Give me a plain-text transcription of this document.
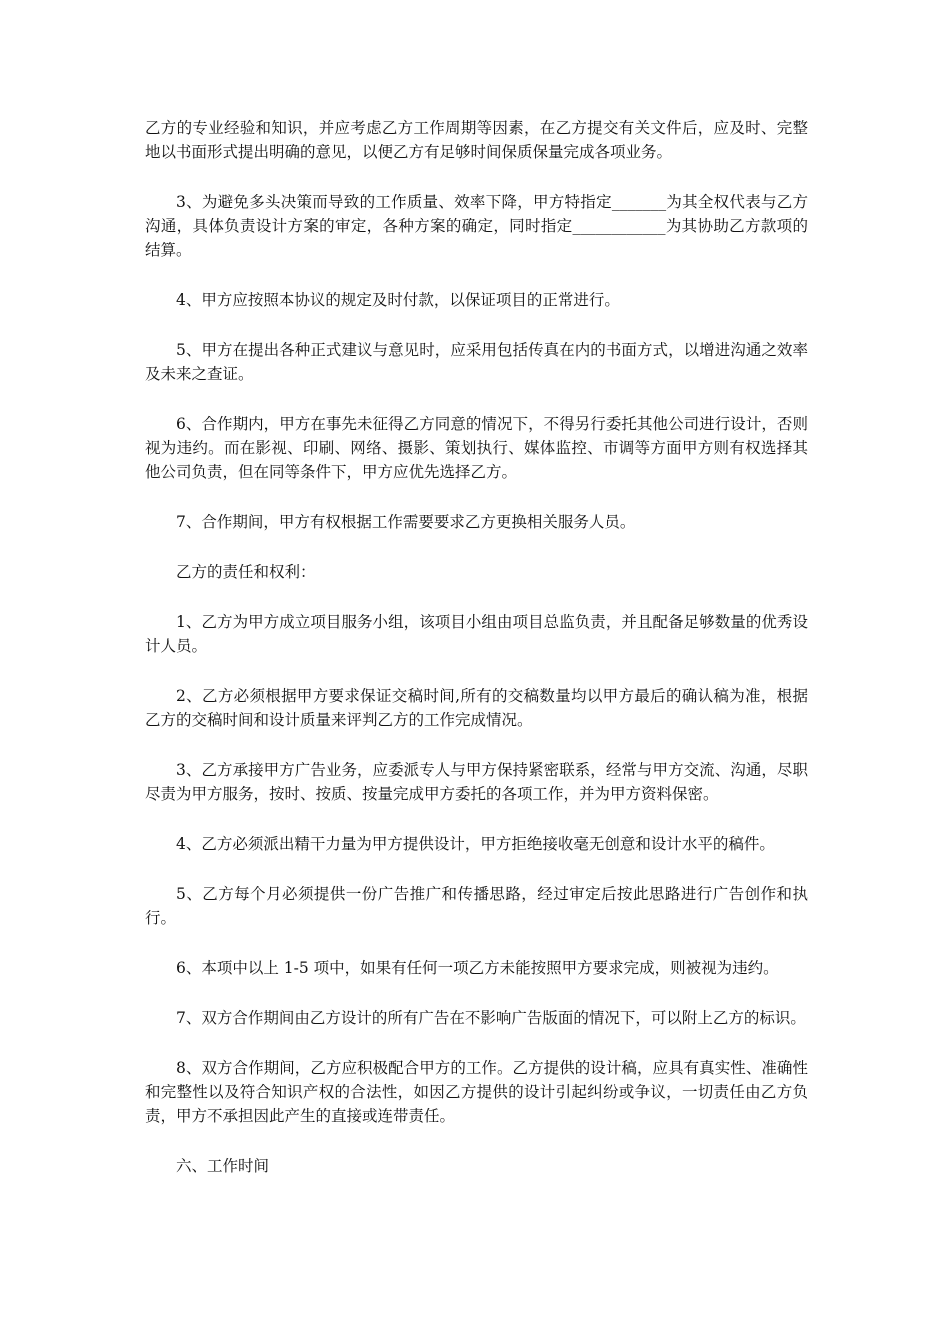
乙方的专业经验和知识，并应考虑乙方工作周期等因素，在乙方提交有关文件后，应及时、完整地以书面形式提出明确的意见，以便乙方有足够时间保质保量完成各项业务。

3、为避免多头决策而导致的工作质量、效率下降，甲方特指定_______为其全权代表与乙方沟通，具体负责设计方案的审定，各种方案的确定，同时指定____________为其协助乙方款项的结算。

4、甲方应按照本协议的规定及时付款，以保证项目的正常进行。

5、甲方在提出各种正式建议与意见时，应采用包括传真在内的书面方式，以增进沟通之效率及未来之查证。

6、合作期内，甲方在事先未征得乙方同意的情况下，不得另行委托其他公司进行设计，否则视为违约。而在影视、印刷、网络、摄影、策划执行、媒体监控、市调等方面甲方则有权选择其他公司负责，但在同等条件下，甲方应优先选择乙方。

7、合作期间，甲方有权根据工作需要要求乙方更换相关服务人员。

乙方的责任和权利：

1、乙方为甲方成立项目服务小组，该项目小组由项目总监负责，并且配备足够数量的优秀设计人员。

2、乙方必须根据甲方要求保证交稿时间,所有的交稿数量均以甲方最后的确认稿为准，根据乙方的交稿时间和设计质量来评判乙方的工作完成情况。

3、乙方承接甲方广告业务，应委派专人与甲方保持紧密联系，经常与甲方交流、沟通，尽职尽责为甲方服务，按时、按质、按量完成甲方委托的各项工作，并为甲方资料保密。

4、乙方必须派出精干力量为甲方提供设计，甲方拒绝接收毫无创意和设计水平的稿件。

5、乙方每个月必须提供一份广告推广和传播思路，经过审定后按此思路进行广告创作和执行。

6、本项中以上 1-5 项中，如果有任何一项乙方未能按照甲方要求完成，则被视为违约。

7、双方合作期间由乙方设计的所有广告在不影响广告版面的情况下，可以附上乙方的标识。

8、双方合作期间，乙方应积极配合甲方的工作。乙方提供的设计稿，应具有真实性、准确性和完整性以及符合知识产权的合法性，如因乙方提供的设计引起纠纷或争议，一切责任由乙方负责，甲方不承担因此产生的直接或连带责任。

六、工作时间
